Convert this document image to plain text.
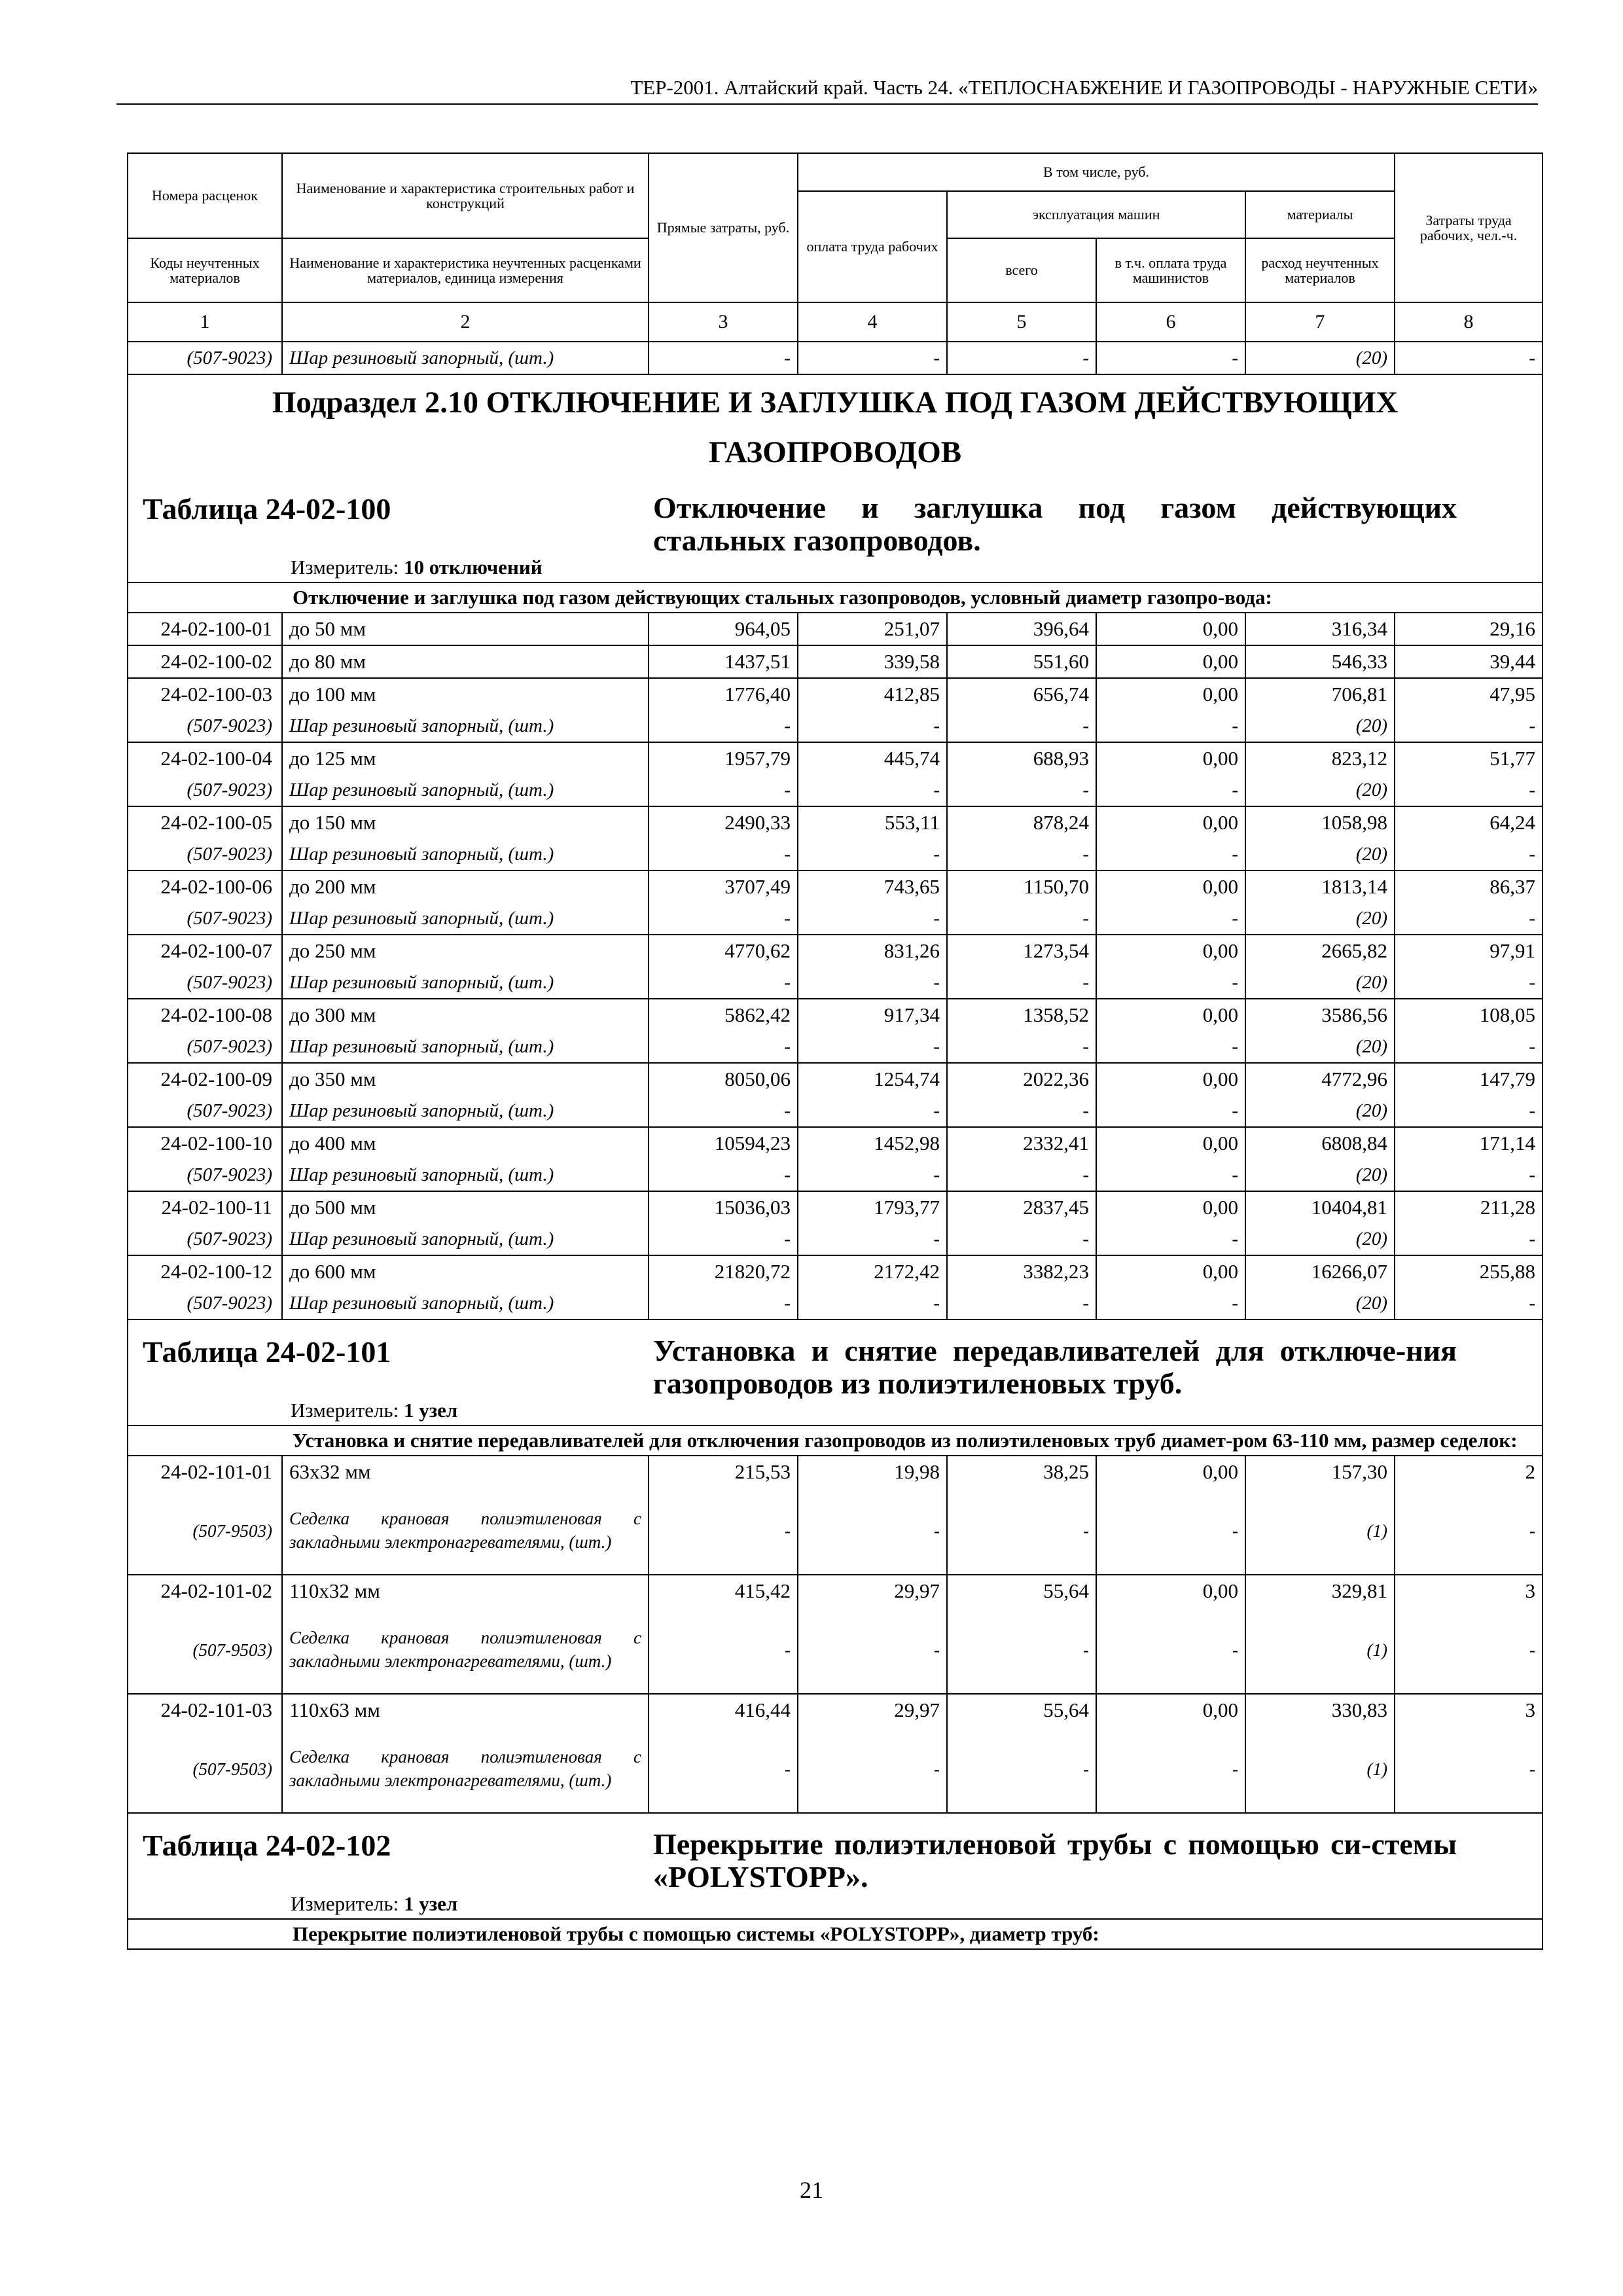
ТЕР-2001. Алтайский край. Часть 24. «ТЕПЛОСНАБЖЕНИЕ И ГАЗОПРОВОДЫ - НАРУЖНЫЕ СЕТИ»
Номера расценок	Наименование и характеристика строительных работ и конструкций	Прямые затраты, руб.	В том числе, руб.				Затраты труда рабочих, чел.-ч.
			оплата труда рабочих	эксплуатация машин		материалы	
Коды неучтенных материалов	Наименование и характеристика неучтенных расценками материалов, единица измерения			всего	в т.ч. оплата труда машинистов	расход неучтенных материалов	
1	2	3	4	5	6	7	8
(507-9023)	Шар резиновый запорный, (шт.)	-	-	-	-	(20)	-

Подраздел 2.10 ОТКЛЮЧЕНИЕ И ЗАГЛУШКА ПОД ГАЗОМ ДЕЙСТВУЮЩИХ
ГАЗОПРОВОДОВ
Таблица 24-02-100 Отключение и заглушка под газом действующих стальных газопроводов.
Измеритель: 10 отключений							

	Отключение и заглушка под газом действующих стальных газопроводов, условный диаметр газопро-вода:						
24-02-100-01	до 50 мм	964,05	251,07	396,64	0,00	316,34	29,16
24-02-100-02	до 80 мм	1437,51	339,58	551,60	0,00	546,33	39,44
24-02-100-03	до 100 мм	1776,40	412,85	656,74	0,00	706,81	47,95
(507-9023)	Шар резиновый запорный, (шт.)	-	-	-	-	(20)	-
24-02-100-04	до 125 мм	1957,79	445,74	688,93	0,00	823,12	51,77
(507-9023)	Шар резиновый запорный, (шт.)	-	-	-	-	(20)	-
24-02-100-05	до 150 мм	2490,33	553,11	878,24	0,00	1058,98	64,24
(507-9023)	Шар резиновый запорный, (шт.)	-	-	-	-	(20)	-
24-02-100-06	до 200 мм	3707,49	743,65	1150,70	0,00	1813,14	86,37
(507-9023)	Шар резиновый запорный, (шт.)	-	-	-	-	(20)	-
24-02-100-07	до 250 мм	4770,62	831,26	1273,54	0,00	2665,82	97,91
(507-9023)	Шар резиновый запорный, (шт.)	-	-	-	-	(20)	-
24-02-100-08	до 300 мм	5862,42	917,34	1358,52	0,00	3586,56	108,05
(507-9023)	Шар резиновый запорный, (шт.)	-	-	-	-	(20)	-
24-02-100-09	до 350 мм	8050,06	1254,74	2022,36	0,00	4772,96	147,79
(507-9023)	Шар резиновый запорный, (шт.)	-	-	-	-	(20)	-
24-02-100-10	до 400 мм	10594,23	1452,98	2332,41	0,00	6808,84	171,14
(507-9023)	Шар резиновый запорный, (шт.)	-	-	-	-	(20)	-
24-02-100-11	до 500 мм	15036,03	1793,77	2837,45	0,00	10404,81	211,28
(507-9023)	Шар резиновый запорный, (шт.)	-	-	-	-	(20)	-
24-02-100-12	до 600 мм	21820,72	2172,42	3382,23	0,00	16266,07	255,88
(507-9023)	Шар резиновый запорный, (шт.)	-	-	-	-	(20)	-

Таблица 24-02-101 Установка и снятие передавливателей для отключе-ния газопроводов из полиэтиленовых труб.
Измеритель: 1 узел							

	Установка и снятие передавливателей для отключения газопроводов из полиэтиленовых труб диамет-ром 63-110 мм, размер седелок:						
24-02-101-01	63x32 мм	215,53	19,98	38,25	0,00	157,30	2
(507-9503)	Седелка крановая полиэтиленовая с закладными электронагревателями, (шт.)	-	-	-	-	(1)	-
24-02-101-02	110x32 мм	415,42	29,97	55,64	0,00	329,81	3
(507-9503)	Седелка крановая полиэтиленовая с закладными электронагревателями, (шт.)	-	-	-	-	(1)	-
24-02-101-03	110x63 мм	416,44	29,97	55,64	0,00	330,83	3
(507-9503)	Седелка крановая полиэтиленовая с закладными электронагревателями, (шт.)	-	-	-	-	(1)	-

Таблица 24-02-102 Перекрытие полиэтиленовой трубы с помощью си-стемы «POLYSTOPP».
Измеритель: 1 узел							

	Перекрытие полиэтиленовой трубы с помощью системы «POLYSTOPP», диаметр труб:						
21
